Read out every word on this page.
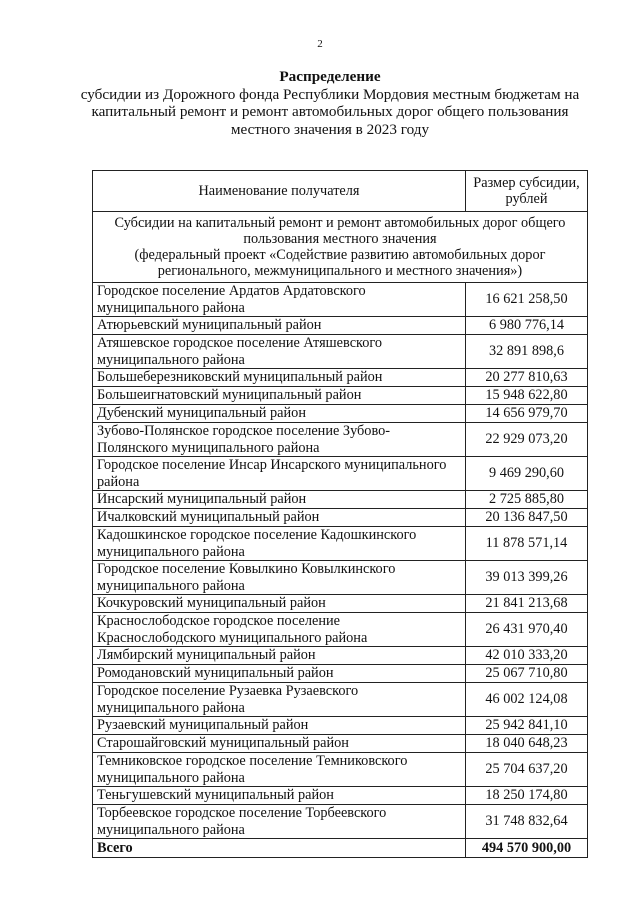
2
Распределение
субсидии из Дорожного фонда Республики Мордовия местным бюджетам на
капитальный ремонт и ремонт автомобильных дорог общего пользования
местного значения в 2023 году
Наименование получателя	Размер субсидии, рублей

Субсидии на капитальный ремонт и ремонт автомобильных дорог общего
пользования местного значения
(федеральный проект «Содействие развитию автомобильных дорог
регионального, межмуниципального и местного значения»)	

Городское поселение Ардатов Ардатовского муниципального района	16 621 258,50
Атюрьевский муниципальный район	6 980 776,14
Атяшевское городское поселение Атяшевского муниципального района	32 891 898,6
Большеберезниковский муниципальный район	20 277 810,63
Большеигнатовский муниципальный район	15 948 622,80
Дубенский муниципальный район	14 656 979,70
Зубово-Полянское городское поселение Зубово-Полянского муниципального района	22 929 073,20
Городское поселение Инсар Инсарского муниципального района	9 469 290,60
Инсарский муниципальный район	2 725 885,80
Ичалковский муниципальный район	20 136 847,50
Кадошкинское городское поселение Кадошкинского муниципального района	11 878 571,14
Городское поселение Ковылкино Ковылкинского муниципального района	39 013 399,26
Кочкуровский муниципальный район	21 841 213,68
Краснослободское городское поселение Краснослободского муниципального района	26 431 970,40
Лямбирский муниципальный район	42 010 333,20
Ромодановский муниципальный район	25 067 710,80
Городское поселение Рузаевка Рузаевского муниципального района	46 002 124,08
Рузаевский муниципальный район	25 942 841,10
Старошайговский муниципальный район	18 040 648,23
Темниковское городское поселение Темниковского муниципального района	25 704 637,20
Теньгушевский муниципальный район	18 250 174,80
Торбеевское городское поселение Торбеевского муниципального района	31 748 832,64
Всего	494 570 900,00
